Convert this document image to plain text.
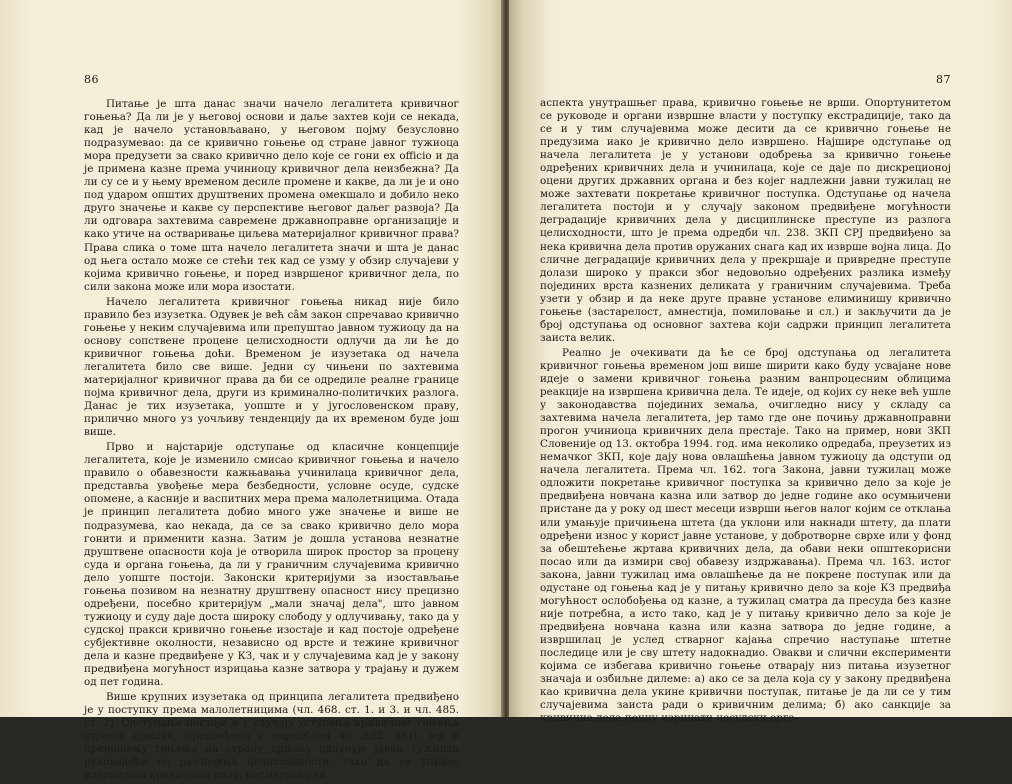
86

Питање је шта данас значи начело легалитета кривичног гоњења? Да ли је у његовој основи и даље захтев који се некада, кад је начело установљавано, у његовом појму безусловно подразумевао: да се кривично гоњење од стране јавног тужиоца мора предузети за свако кривично дело које се гони ex officio и да је примена казне према учиниоцу кривичног дела неизбежна? Да ли су се и у њему временом десиле промене и какве, да ли је и оно под ударом општих друштвених промена омекшало и добило неко друго значење и какве су перспективе његовог даљег развоја? Да ли одговара захтевима савремене државноправне организације и како утиче на остваривање циљева материјалног кривичног права? Права слика о томе шта начело легалитета значи и шта је данас од њега остало може се стећи тек кад се узму у обзир случајеви у којима кривично гоњење, и поред извршеног кривичног дела, по сили закона може или мора изостати.

Начело легалитета кривичног гоњења никад није било правило без изузетка. Одувек је већ сâм закон спречавао кривично гоњење у неким случајевима или препуштао јавном тужиоцу да на основу сопствене процене целисходности одлучи да ли ће до кривичног гоњења доћи. Временом је изузетака од начела легалитета било све више. Једни су чињени по захтевима материјалног кривичног права да би се одредиле реалне границе појма кривичног дела, други из криминално-политичких разлога. Данас је тих изузетака, уопште и у југословенском праву, прилично много уз уочљиву тенденцију да их временом буде још више.

Прво и најстарије одступање од класичне концепције легалитета, које је изменило смисао кривичног гоњења и начело правило о обавезности кажњавања учинилаца кривичног дела, представља увођење мера безбедности, условне осуде, судске опомене, а касније и васпитних мера према малолетницима. Отада је принцип легалитета добио много уже значење и више не подразумева, као некада, да се за свако кривично дело мора гонити и применити казна. Затим је дошла установа незнатне друштвене опасности која је отворила широк простор за процену суда и органа гоњења, да ли у граничним случајевима кривично дело уопште постоји. Законски критеријуми за изостављање гоњења позивом на незнатну друштвену опасност нису прецизно одређени, посебно критеријум „мали значај дела", што јавном тужиоцу и суду даје доста широку слободу у одлучивању, тако да у судској пракси кривично гоњење изостаје и кад постоје одређене субјективне околности, независно од врсте и тежине кривичног дела и казне предвиђене у КЗ, чак и у случајевима кад је у закону предвиђена могућност изрицања казне затвора у трајању и дужем од пет година.

Више крупних изузетака од принципа легалитета предвиђено је у поступку према малолетницима (чл. 468. ст. 1. и 3. и чл. 485. ст. 2). Одступање постоји и у случају уступања кривичног гоњења страној држави, предвиђено у одредбама чл. 522. ЗКП, јер о преношењу гоњења на страну државу одлучује јавни тужилац руководећи се разлозима целисходности, тако да се упркос извршеном кривичном делу, посматрано са

87

аспекта унутрашњег права, кривично гоњење не врши. Опортунитетом се руководе и органи извршне власти у поступку екстрадиције, тако да се и у тим случајевима може десити да се кривично гоњење не предузима иако је кривично дело извршено. Најшире одступање од начела легалитета је у установи одобрења за кривично гоњење одређених кривичних дела и учинилаца, које се даје по дискреционој оцени других државних органа и без којег надлежни јавни тужилац не може захтевати покретање кривичног поступка. Одступање од начела легалитета постоји и у случају законом предвиђене могућности деградације кривичних дела у дисциплинске преступе из разлога целисходности, што је према одредби чл. 238. ЗКП СРЈ предвиђено за нека кривична дела против оружаних снага кад их изврше војна лица. До сличне деградације кривичних дела у прекршаје и привредне преступе долази широко у пракси због недовољно одређених разлика између појединих врста казнених деликата у граничним случајевима. Треба узети у обзир и да неке друге правне установе елиминишу кривично гоњење (застарелост, амнестија, помиловање и сл.) и закључити да је број одступања од основног захтева који садржи принцип легалитета заиста велик.

Реално је очекивати да ће се број одступања од легалитета кривичног гоњења временом још више ширити како буду усвајане нове идеје о замени кривичног гоњења разним ванпроцесним облицима реакције на извршена кривична дела. Те идеје, од којих су неке већ ушле у законодавства појединих земаља, очигледно нису у складу са захтевима начела легалитета, јер тамо где оне почињу државноправни прогон учиниоца кривичних дела престаје. Тако на пример, нови ЗКП Словеније од 13. октобра 1994. год. има неколико одредаба, преузетих из немачког ЗКП, које дају нова овлашћења јавном тужиоцу да одступи од начела легалитета. Према чл. 162. тога Закона, јавни тужилац може одложити покретање кривичног поступка за кривично дело за које је предвиђена новчана казна или затвор до једне године ако осумњичени пристане да у року од шест месеци изврши његов налог којим се отклања или умањује причињена штета (да уклони или накнади штету, да плати одређени износ у корист јавне установе, у добротворне сврхе или у фонд за обештећење жртава кривичних дела, да обави неки општекорисни посао или да измири свој обавезу издржавања). Према чл. 163. истог закона, јавни тужилац има овлашћење да не покрене поступак или да одустане од гоњења кад је у питању кривично дело за које КЗ предвиђа могућност ослобођења од казне, а тужилац сматра да пресуда без казне није потребна, а исто тако, кад је у питању кривично дело за које је предвиђена новчана казна или казна затвора до једне године, а извршилац је услед стварног кајања спречио наступање штетне последице или је сву штету надокнадио. Овакви и слични експерименти којима се избегава кривично гоњење отварају низ питања изузетног значаја и озбиљне дилеме: а) ако се за дела која су у закону предвиђена као кривична дела укине кривични поступак, питање је да ли се у тим случајевима заиста ради о кривичним делима; б) ако санкције за кривична дела почну изрицати несудски орга-
